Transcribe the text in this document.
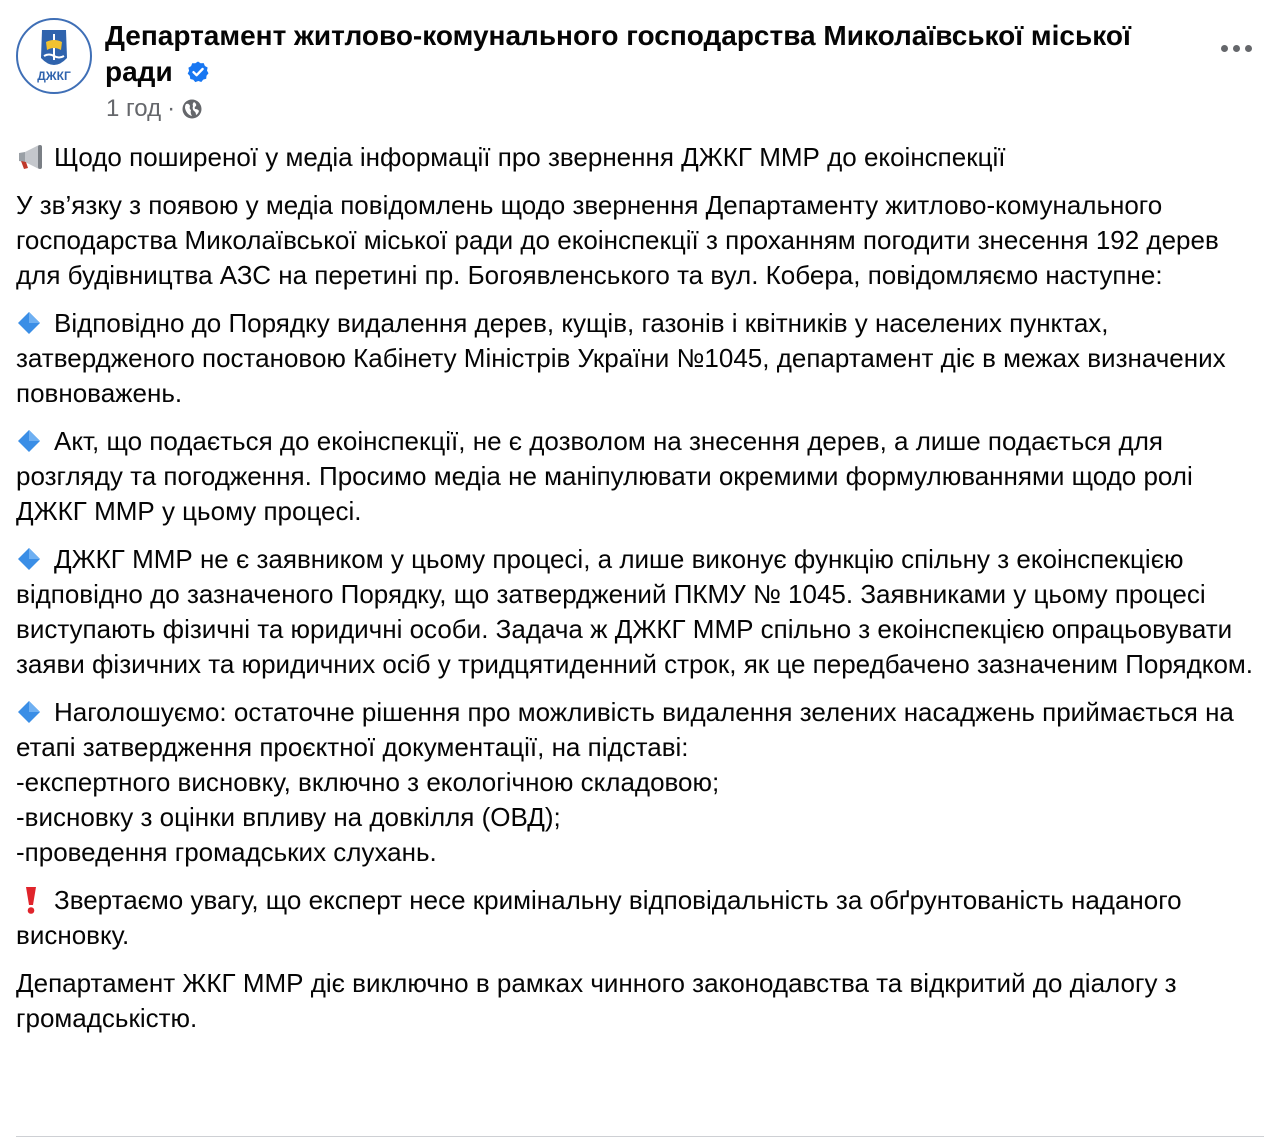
ДЖКГ
Департамент житлово-комунального господарства Миколаївської міської ради
1 год ·

Щодо поширеної у медіа інформації про звернення ДЖКГ ММР до екоінспекції

У зв’язку з появою у медіа повідомлень щодо звернення Департаменту житлово-комунального господарства Миколаївської міської ради до екоінспекції з проханням погодити знесення 192 дерев для будівництва АЗС на перетині пр. Богоявленського та вул. Кобера, повідомляємо наступне:

Відповідно до Порядку видалення дерев, кущів, газонів і квітників у населених пунктах, затвердженого постановою Кабінету Міністрів України №1045, департамент діє в межах визначених повноважень.

Акт, що подається до екоінспекції, не є дозволом на знесення дерев, а лише подається для розгляду та погодження. Просимо медіа не маніпулювати окремими формулюваннями щодо ролі ДЖКГ ММР у цьому процесі.

ДЖКГ ММР не є заявником у цьому процесі, а лише виконує функцію спільну з екоінспекцією відповідно до зазначеного Порядку, що затверджений ПКМУ № 1045. Заявниками у цьому процесі виступають фізичні та юридичні особи. Задача ж ДЖКГ ММР спільно з екоінспекцією опрацьовувати заяви фізичних та юридичних осіб у тридцятиденний строк, як це передбачено зазначеним Порядком.

Наголошуємо: остаточне рішення про можливість видалення зелених насаджень приймається на етапі затвердження проєктної документації, на підставі:

-експертного висновку, включно з екологічною складовою;

-висновку з оцінки впливу на довкілля (ОВД);

-проведення громадських слухань.

Звертаємо увагу, що експерт несе кримінальну відповідальність за обґрунтованість наданого висновку.

Департамент ЖКГ ММР діє виключно в рамках чинного законодавства та відкритий до діалогу з громадськістю.
